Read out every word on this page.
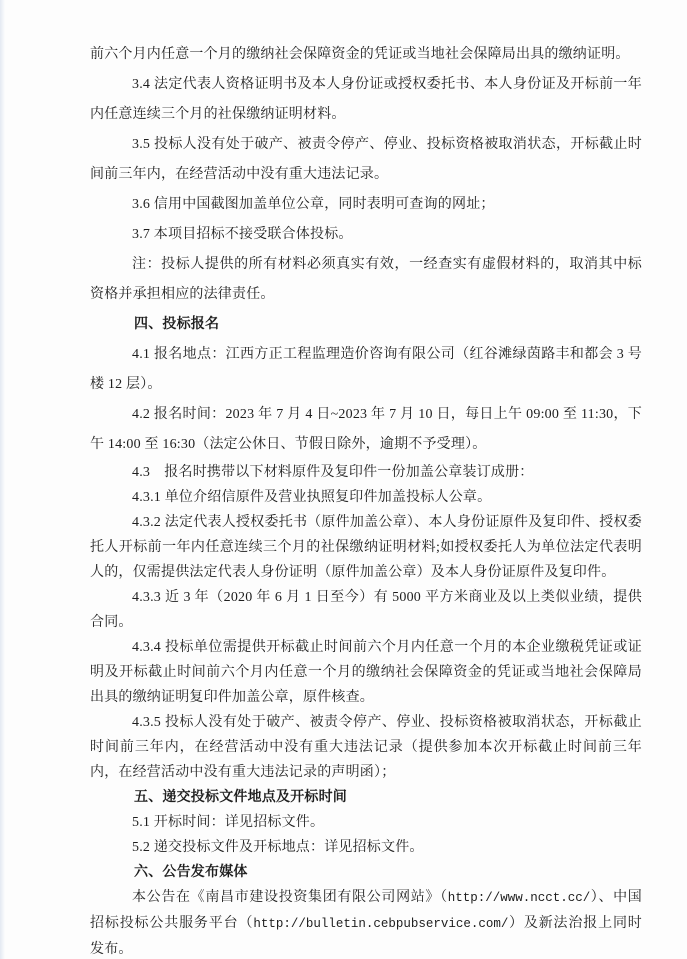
前六个月内任意一个月的缴纳社会保障资金的凭证或当地社会保障局出具的缴纳证明。

3.4 法定代表人资格证明书及本人身份证或授权委托书、本人身份证及开标前一年内任意连续三个月的社保缴纳证明材料。

3.5 投标人没有处于破产、被责令停产、停业、投标资格被取消状态，开标截止时间前三年内，在经营活动中没有重大违法记录。

3.6 信用中国截图加盖单位公章，同时表明可查询的网址；

3.7 本项目招标不接受联合体投标。

注：投标人提供的所有材料必须真实有效，一经查实有虚假材料的，取消其中标资格并承担相应的法律责任。

四、投标报名

4.1 报名地点：江西方正工程监理造价咨询有限公司（红谷滩绿茵路丰和都会 3 号楼 12 层）。

4.2 报名时间：2023 年 7 月 4 日~2023 年 7 月 10 日，每日上午 09:00 至 11:30，下午 14:00 至 16:30（法定公休日、节假日除外，逾期不予受理）。

4.3　报名时携带以下材料原件及复印件一份加盖公章装订成册：

4.3.1 单位介绍信原件及营业执照复印件加盖投标人公章。

4.3.2 法定代表人授权委托书（原件加盖公章）、本人身份证原件及复印件、授权委托人开标前一年内任意连续三个月的社保缴纳证明材料;如授权委托人为单位法定代表明人的，仅需提供法定代表人身份证明（原件加盖公章）及本人身份证原件及复印件。

4.3.3 近 3 年（2020 年 6 月 1 日至今）有 5000 平方米商业及以上类似业绩，提供合同。

4.3.4 投标单位需提供开标截止时间前六个月内任意一个月的本企业缴税凭证或证明及开标截止时间前六个月内任意一个月的缴纳社会保障资金的凭证或当地社会保障局出具的缴纳证明复印件加盖公章，原件核查。

4.3.5 投标人没有处于破产、被责令停产、停业、投标资格被取消状态，开标截止时间前三年内，在经营活动中没有重大违法记录（提供参加本次开标截止时间前三年内，在经营活动中没有重大违法记录的声明函）；

五、递交投标文件地点及开标时间

5.1 开标时间：详见招标文件。

5.2 递交投标文件及开标地点：详见招标文件。

六、公告发布媒体

本公告在《南昌市建设投资集团有限公司网站》（http://www.ncct.cc/）、中国招标投标公共服务平台（http://bulletin.cebpubservice.com/）及新法治报上同时发布。
